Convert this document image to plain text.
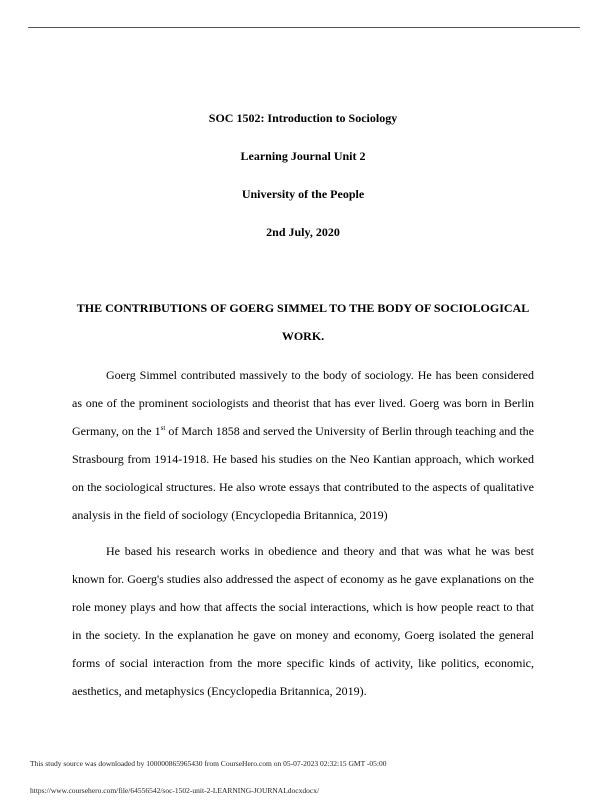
SOC 1502: Introduction to Sociology
Learning Journal Unit 2
University of the People
2nd July, 2020
THE CONTRIBUTIONS OF GOERG SIMMEL TO THE BODY OF SOCIOLOGICAL WORK.

Goerg Simmel contributed massively to the body of sociology. He has been considered as one of the prominent sociologists and theorist that has ever lived. Goerg was born in Berlin Germany, on the 1st of March 1858 and served the University of Berlin through teaching and the Strasbourg from 1914-1918. He based his studies on the Neo Kantian approach, which worked on the sociological structures. He also wrote essays that contributed to the aspects of qualitative analysis in the field of sociology (Encyclopedia Britannica, 2019)

He based his research works in obedience and theory and that was what he was best known for. Goerg's studies also addressed the aspect of economy as he gave explanations on the role money plays and how that affects the social interactions, which is how people react to that in the society. In the explanation he gave on money and economy, Goerg isolated the general forms of social interaction from the more specific kinds of activity, like politics, economic, aesthetics, and metaphysics (Encyclopedia Britannica, 2019).

This study source was downloaded by 100000865965430 from CourseHero.com on 05-07-2023 02:32:15 GMT -05:00
https://www.coursehero.com/file/64556542/soc-1502-unit-2-LEARNING-JOURNALdocxdocx/
